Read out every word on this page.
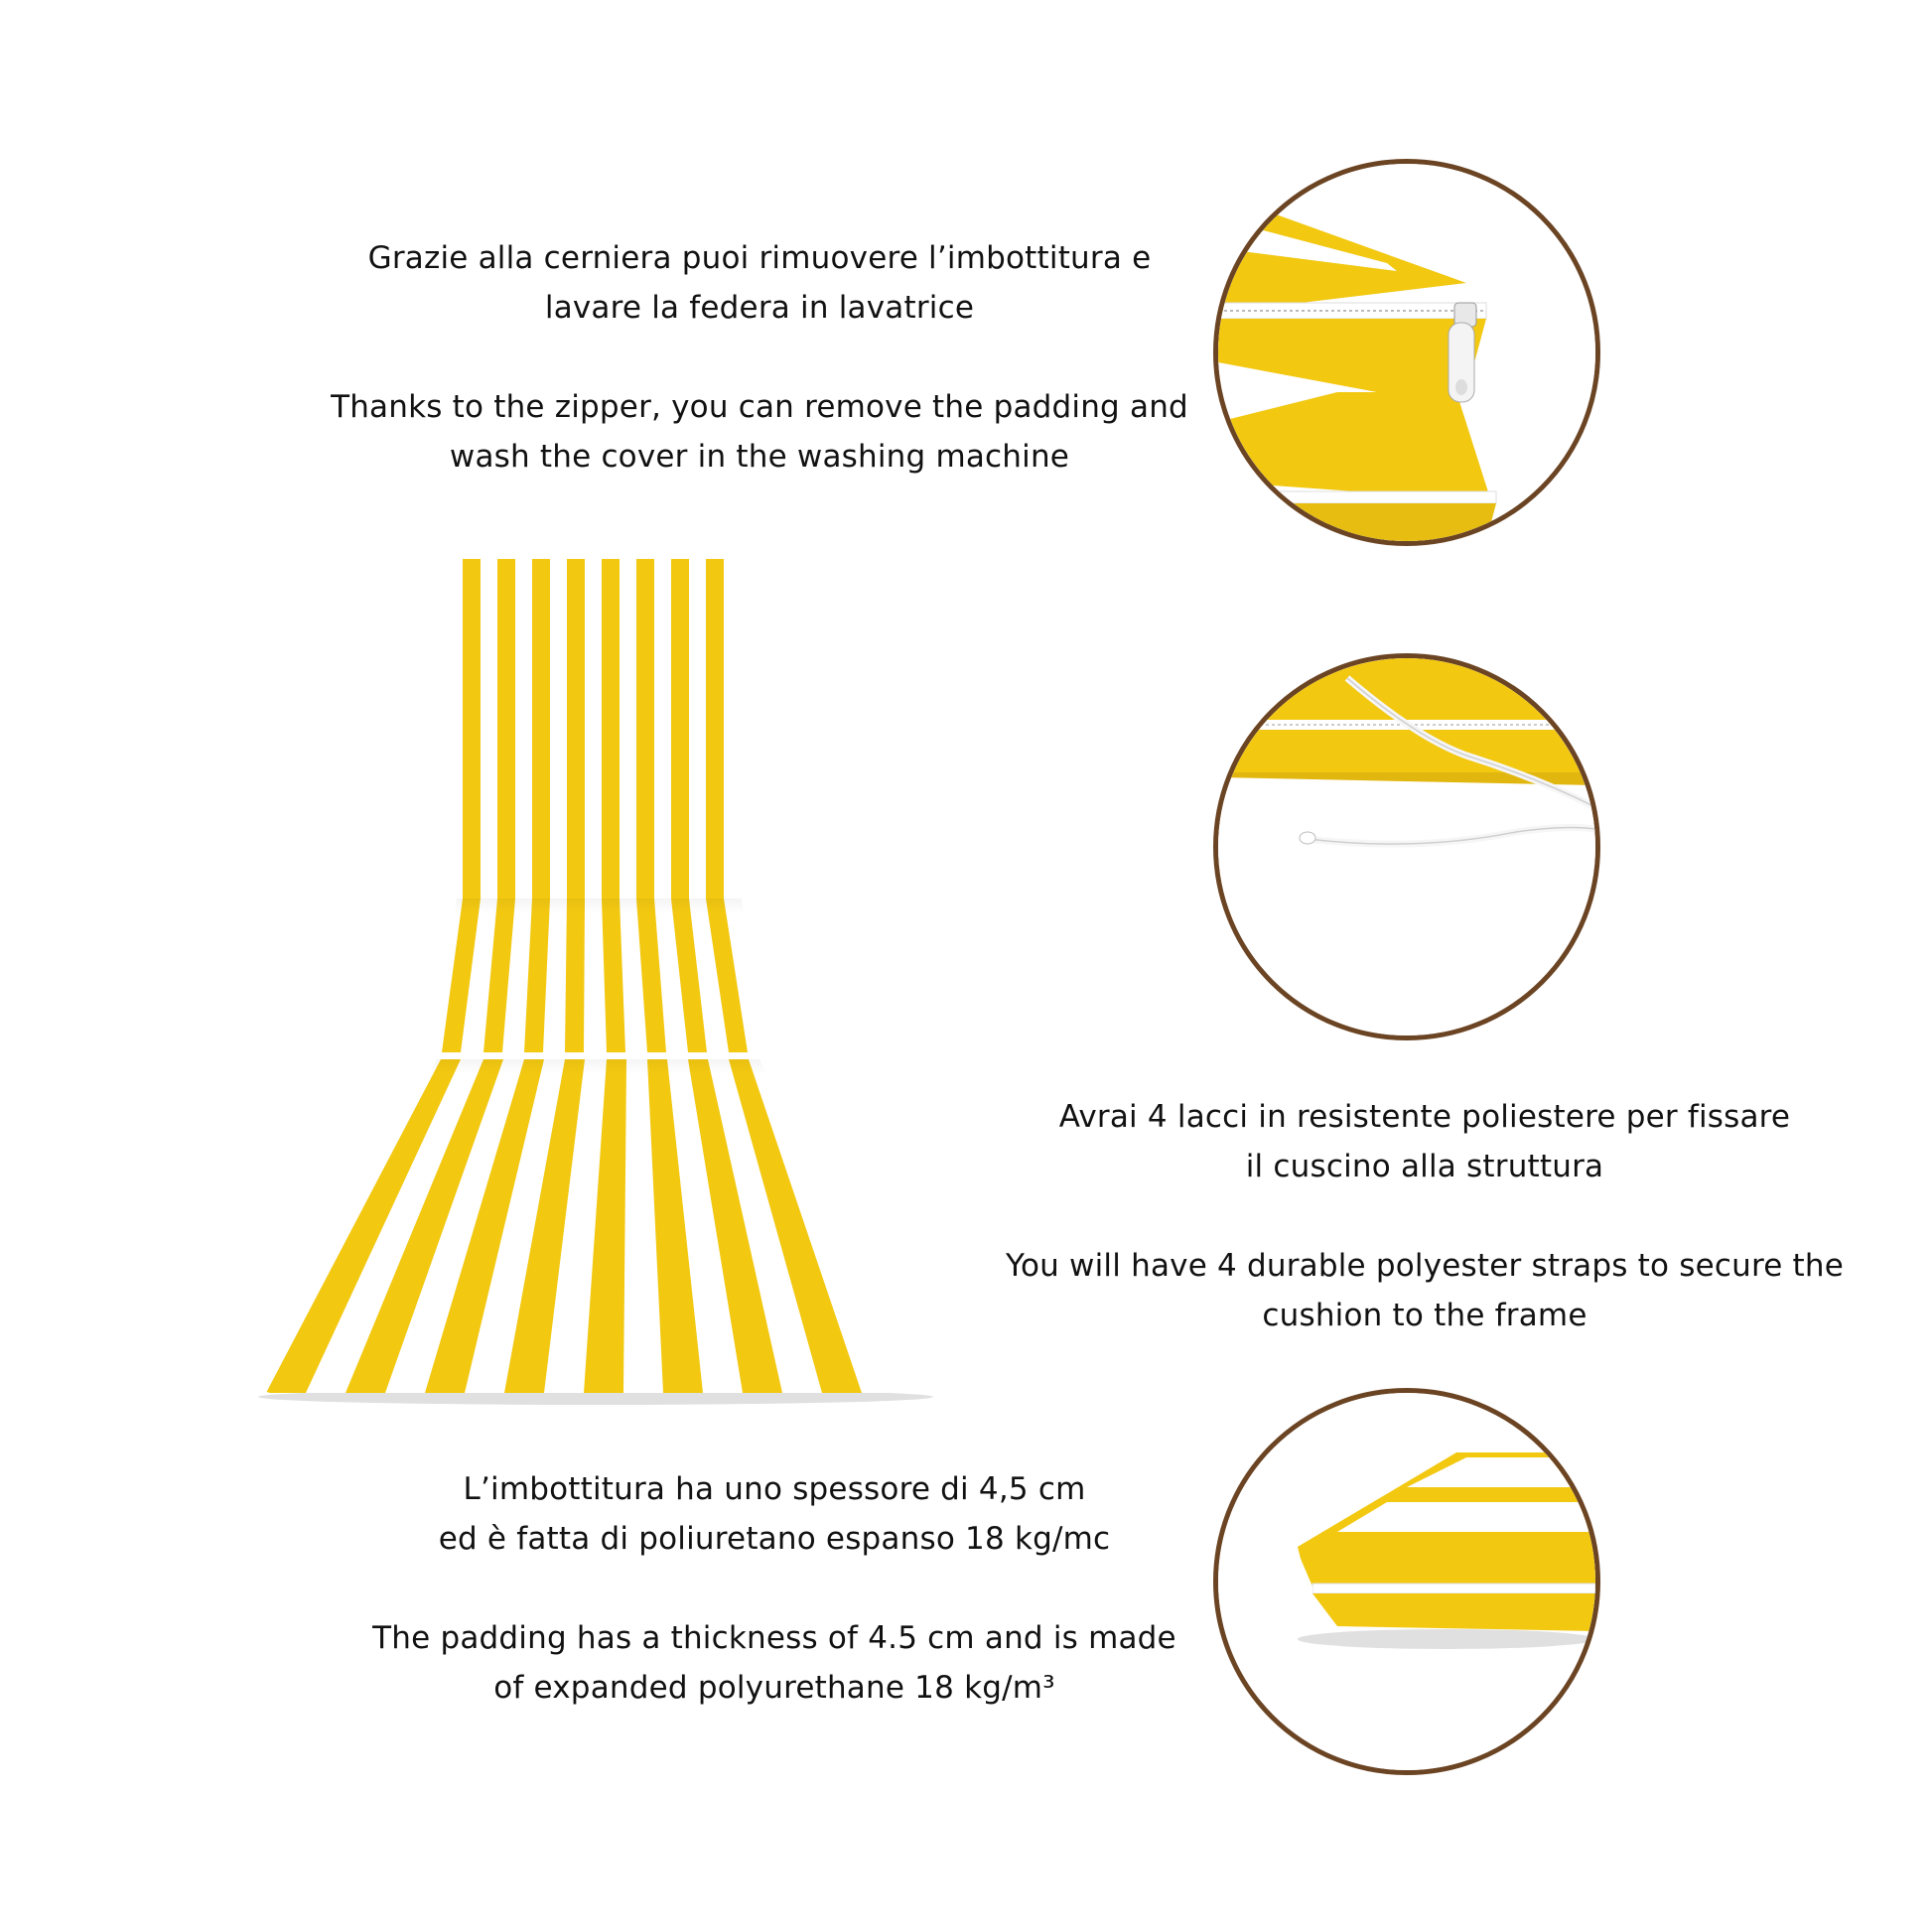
Grazie alla cerniera puoi rimuovere l’imbottitura e

lavare la federa in lavatrice

Thanks to the zipper, you can remove the padding and

wash the cover in the washing machine

Avrai 4 lacci in resistente poliestere per fissare

il cuscino alla struttura

You will have 4 durable polyester straps to secure the

cushion to the frame

L’imbottitura ha uno spessore di 4,5 cm

ed è fatta di poliuretano espanso 18 kg/mc

The padding has a thickness of 4.5 cm and is made

of expanded polyurethane 18 kg/m³
